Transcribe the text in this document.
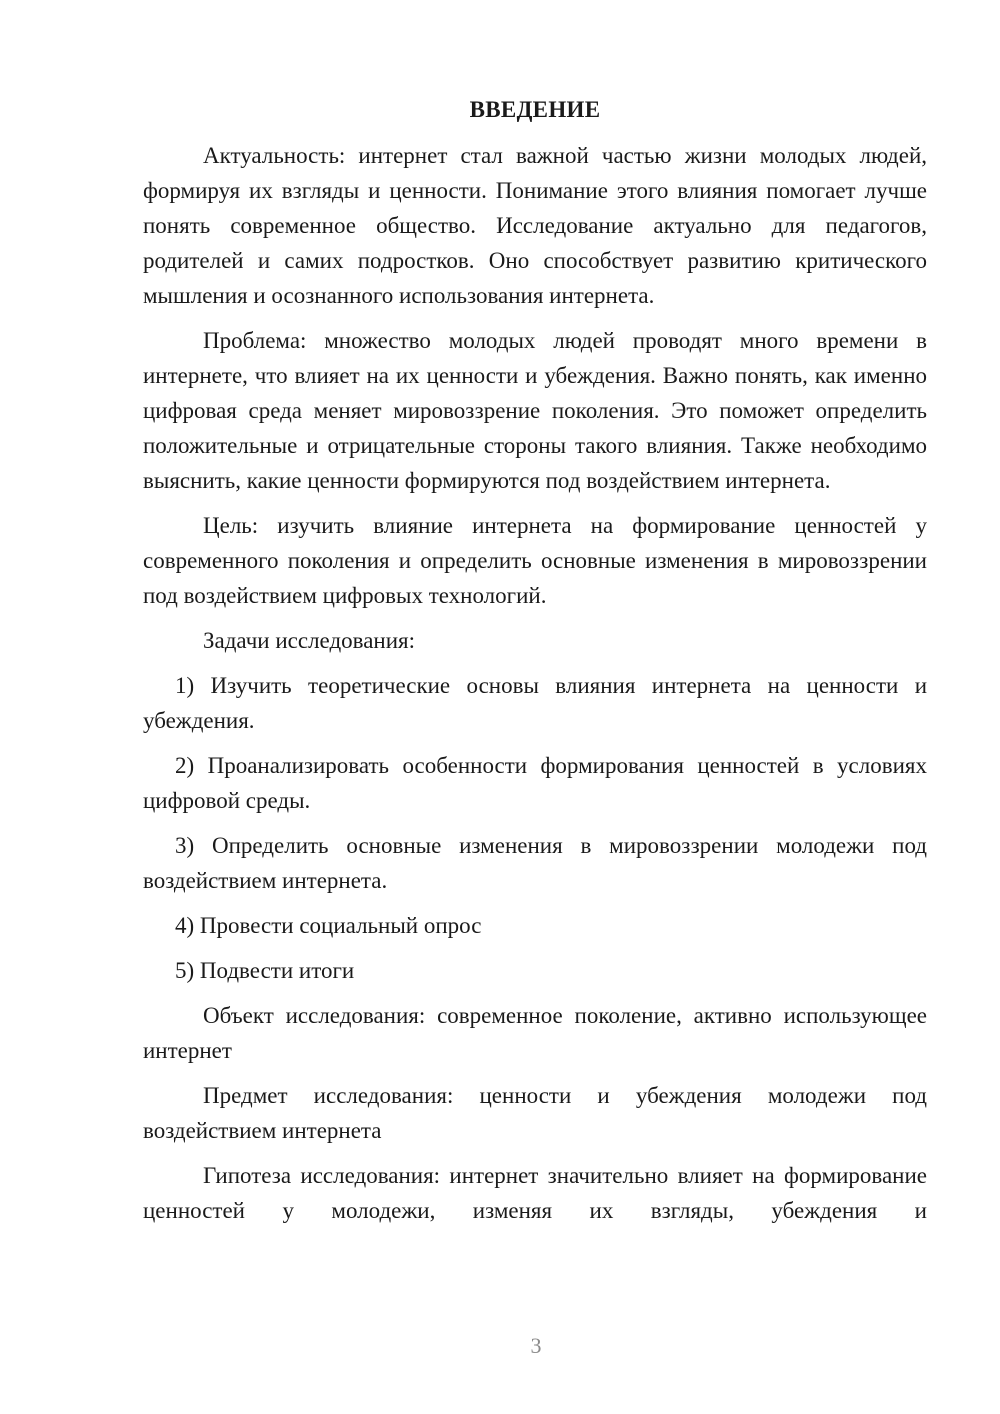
ВВЕДЕНИЕ

Актуальность: интернет стал важной частью жизни молодых людей, формируя их взгляды и ценности. Понимание этого влияния помогает лучше понять современное общество. Исследование актуально для педагогов, родителей и самих подростков. Оно способствует развитию критического мышления и осознанного использования интернета.

Проблема: множество молодых людей проводят много времени в интернете, что влияет на их ценности и убеждения. Важно понять, как именно цифровая среда меняет мировоззрение поколения. Это поможет определить положительные и отрицательные стороны такого влияния. Также необходимо выяснить, какие ценности формируются под воздействием интернета.

Цель: изучить влияние интернета на формирование ценностей у современного поколения и определить основные изменения в мировоззрении под воздействием цифровых технологий.

Задачи исследования:

1) Изучить теоретические основы влияния интернета на ценности и убеждения.

2) Проанализировать особенности формирования ценностей в условиях цифровой среды.

3) Определить основные изменения в мировоззрении молодежи под воздействием интернета.

4) Провести социальный опрос

5) Подвести итоги

Объект исследования: современное поколение, активно использующее интернет

Предмет исследования: ценности и убеждения молодежи под воздействием интернета

Гипотеза исследования: интернет значительно влияет на формирование ценностей у молодежи, изменяя их взгляды, убеждения и

3
